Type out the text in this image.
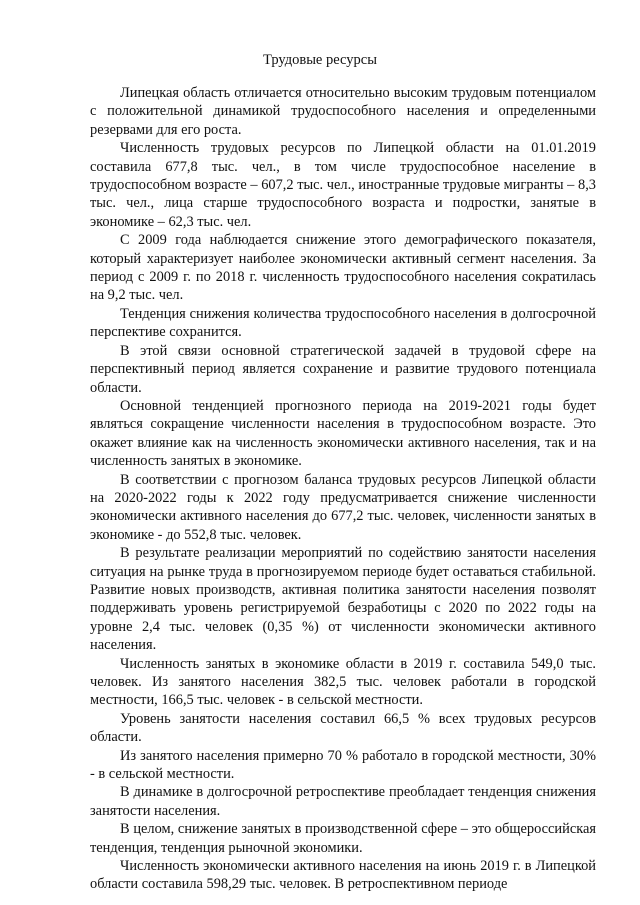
Трудовые ресурсы

Липецкая область отличается относительно высоким трудовым потенциалом с положительной динамикой трудоспособного населения и определенными резервами для его роста.

Численность трудовых ресурсов по Липецкой области на 01.01.2019 составила 677,8 тыс. чел., в том числе трудоспособное население в трудоспособном возрасте – 607,2 тыс. чел., иностранные трудовые мигранты – 8,3 тыс. чел., лица старше трудоспособного возраста и подростки, занятые в экономике – 62,3 тыс. чел.

С 2009 года наблюдается снижение этого демографического показателя, который характеризует наиболее экономически активный сегмент населения. За период с 2009 г. по 2018 г. численность трудоспособного населения сократилась на 9,2 тыс. чел.

Тенденция снижения количества трудоспособного населения в долгосрочной перспективе сохранится.

В этой связи основной стратегической задачей в трудовой сфере на перспективный период является сохранение и развитие трудового потенциала области.

Основной тенденцией прогнозного периода на 2019-2021 годы будет являться сокращение численности населения в трудоспособном возрасте. Это окажет влияние как на численность экономически активного населения, так и на численность занятых в экономике.

В соответствии с прогнозом баланса трудовых ресурсов Липецкой области на 2020-2022 годы к 2022 году предусматривается снижение численности экономически активного населения до 677,2 тыс. человек, численности занятых в экономике - до 552,8 тыс. человек.

В результате реализации мероприятий по содействию занятости населения ситуация на рынке труда в прогнозируемом периоде будет оставаться стабильной. Развитие новых производств, активная политика занятости населения позволят поддерживать уровень регистрируемой безработицы с 2020 по 2022 годы на уровне 2,4 тыс. человек (0,35 %) от численности экономически активного населения.

Численность занятых в экономике области в 2019 г. составила 549,0 тыс. человек. Из занятого населения 382,5 тыс. человек работали в городской местности, 166,5 тыс. человек - в сельской местности.

Уровень занятости населения составил 66,5 % всех трудовых ресурсов области.

Из занятого населения примерно 70 % работало в городской местности, 30% - в сельской местности.

В динамике в долгосрочной ретроспективе преобладает тенденция снижения занятости населения.

В целом, снижение занятых в производственной сфере – это общероссийская тенденция, тенденция рыночной экономики.

Численность экономически активного населения на июнь 2019 г. в Липецкой области составила 598,29 тыс. человек. В ретроспективном периоде
